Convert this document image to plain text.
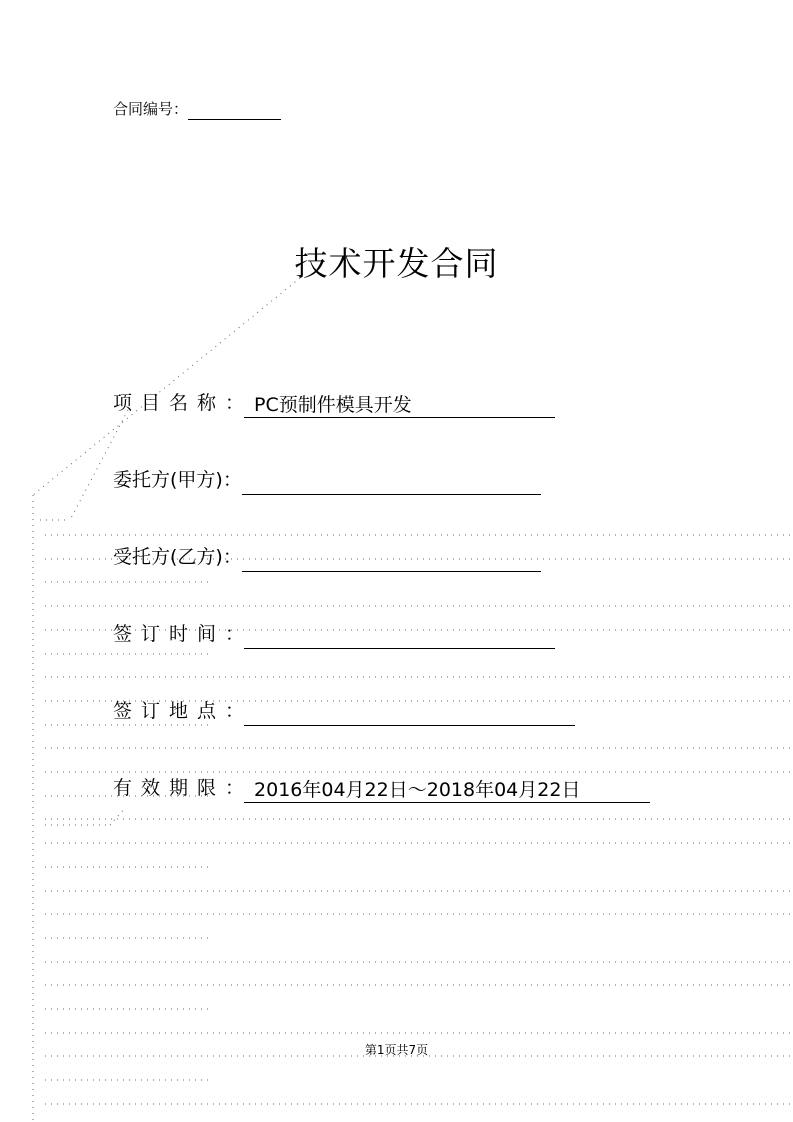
合同编号：
技术开发合同
项目名称： PC预制件模具开发
委托方(甲方)：
受托方(乙方)：
签订时间：
签订地点：
有效期限： 2016年04月22日～2018年04月22日
第1页共7页
